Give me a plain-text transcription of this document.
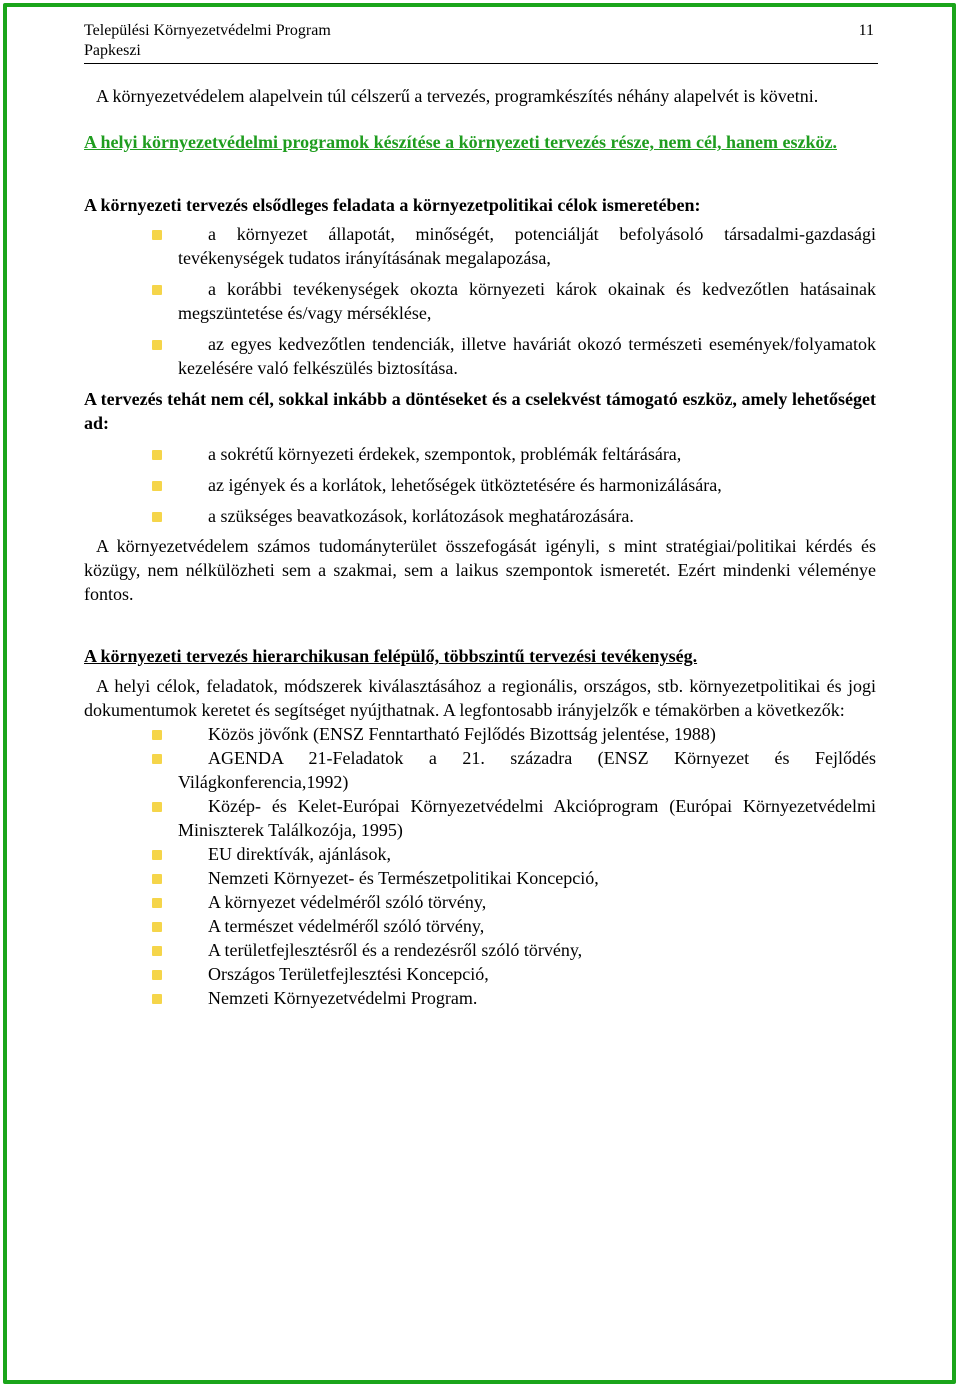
Települési Környezetvédelmi Program
Papkeszi
11

A környezetvédelem alapelvein túl célszerű a tervezés, programkészítés néhány alapelvét is követni.

A helyi környezetvédelmi programok készítése a környezeti tervezés része, nem cél, hanem eszköz.

A környezeti tervezés elsődleges feladata a környezetpolitikai célok ismeretében:

a környezet állapotát, minőségét, potenciálját befolyásoló társadalmi-gazdasági tevékenységek tudatos irányításának megalapozása,
a korábbi tevékenységek okozta környezeti károk okainak és kedvezőtlen hatásainak megszüntetése és/vagy mérséklése,
az egyes kedvezőtlen tendenciák, illetve haváriát okozó természeti események/folyamatok kezelésére való felkészülés biztosítása.

A tervezés tehát nem cél, sokkal inkább a döntéseket és a cselekvést támogató eszköz, amely lehetőséget ad:

a sokrétű környezeti érdekek, szempontok, problémák feltárására,
az igények és a korlátok, lehetőségek ütköztetésére és harmonizálására,
a szükséges beavatkozások, korlátozások meghatározására.

A környezetvédelem számos tudományterület összefogását igényli, s mint stratégiai/politikai kérdés és közügy, nem nélkülözheti sem a szakmai, sem a laikus szempontok ismeretét. Ezért mindenki véleménye fontos.

A környezeti tervezés hierarchikusan felépülő, többszintű tervezési tevékenység.

A helyi célok, feladatok, módszerek kiválasztásához a regionális, országos, stb. környezetpolitikai és jogi dokumentumok keretet és segítséget nyújthatnak. A legfontosabb irányjelzők e témakörben a következők:

Közös jövőnk (ENSZ Fenntartható Fejlődés Bizottság jelentése, 1988)
AGENDA 21-Feladatok a 21. századra (ENSZ Környezet és Fejlődés Világkonferencia,1992)
Közép- és Kelet-Európai Környezetvédelmi Akcióprogram (Európai Környezetvédelmi Miniszterek Találkozója, 1995)
EU direktívák, ajánlások,
Nemzeti Környezet- és Természetpolitikai Koncepció,
A környezet védelméről szóló törvény,
A természet védelméről szóló törvény,
A területfejlesztésről és a rendezésről szóló törvény,
Országos Területfejlesztési Koncepció,
Nemzeti Környezetvédelmi Program.
